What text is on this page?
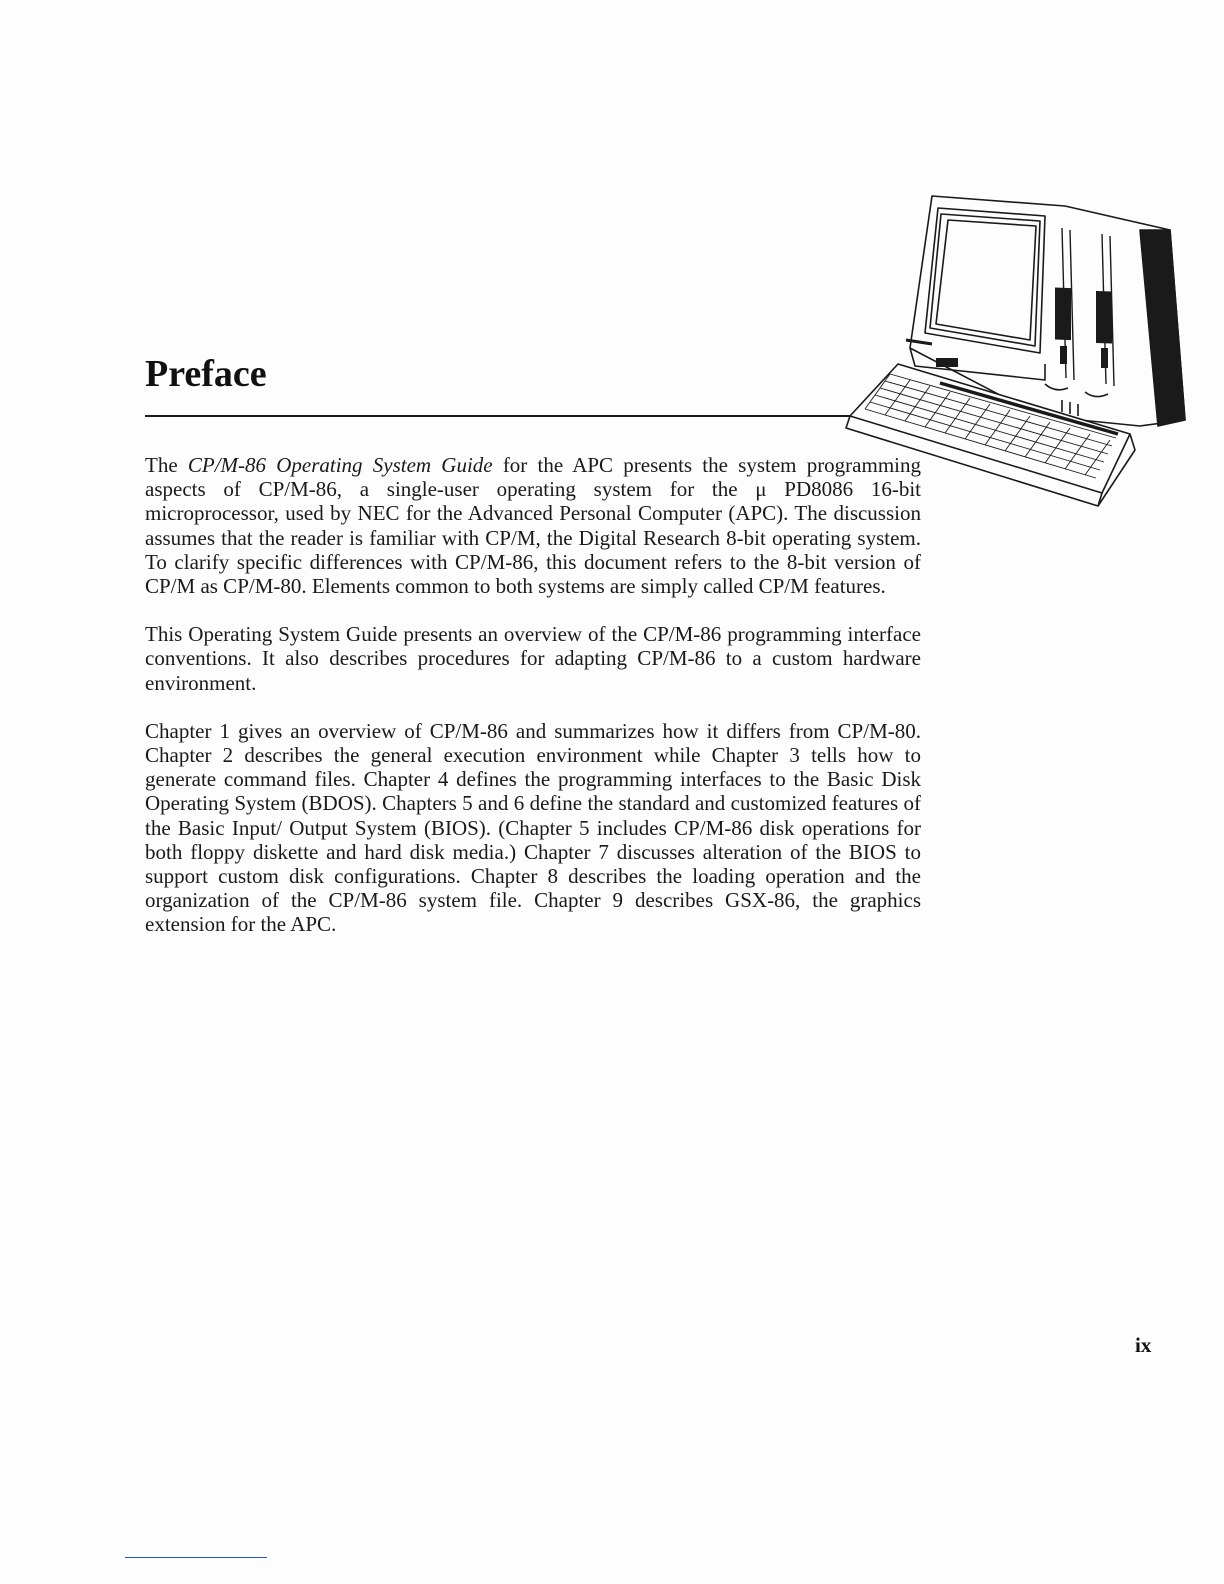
Preface

The CP/M-86 Operating System Guide for the APC presents the system programming aspects of CP/M-86, a single-user operating system for the μ PD8086 16-bit microprocessor, used by NEC for the Advanced Personal Computer (APC). The discussion assumes that the reader is familiar with CP/M, the Digital Research 8-bit operating system. To clarify specific differences with CP/M-86, this document refers to the 8-bit version of CP/M as CP/M-80. Elements common to both systems are simply called CP/M features.

This Operating System Guide presents an overview of the CP/M-86 programming interface conventions. It also describes procedures for adapting CP/M-86 to a custom hardware environment.

Chapter 1 gives an overview of CP/M-86 and summarizes how it differs from CP/M-80. Chapter 2 describes the general execution environment while Chapter 3 tells how to generate command files. Chapter 4 defines the programming interfaces to the Basic Disk Operating System (BDOS). Chapters 5 and 6 define the standard and customized features of the Basic Input/ Output System (BIOS). (Chapter 5 includes CP/M-86 disk operations for both floppy diskette and hard disk media.) Chapter 7 discusses alteration of the BIOS to support custom disk configurations. Chapter 8 describes the loading operation and the organization of the CP/M-86 system file. Chapter 9 describes GSX-86, the graphics extension for the APC.

ix
